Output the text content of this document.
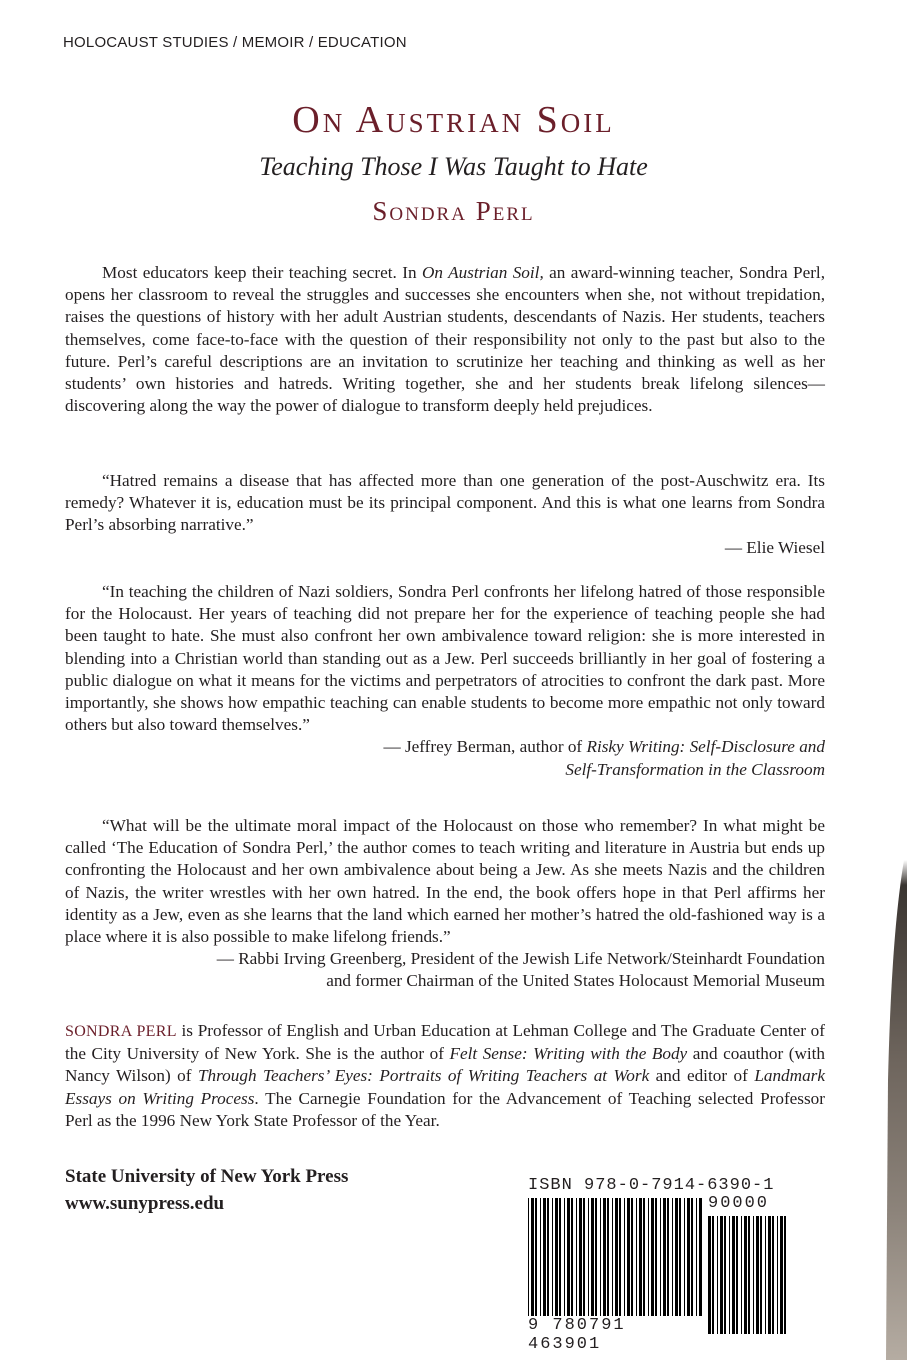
HOLOCAUST STUDIES / MEMOIR / EDUCATION
On Austrian Soil
Teaching Those I Was Taught to Hate
Sondra Perl

Most educators keep their teaching secret. In On Austrian Soil, an award-winning teacher, Sondra Perl, opens her classroom to reveal the struggles and successes she encounters when she, not without trepidation, raises the questions of history with her adult Austrian students, descendants of Nazis. Her students, teachers themselves, come face-to-face with the question of their responsibility not only to the past but also to the future. Perl’s careful descriptions are an invitation to scrutinize her teaching and thinking as well as her students’ own histories and hatreds. Writing together, she and her students break lifelong silences—discovering along the way the power of dialogue to transform deeply held prejudices.

“Hatred remains a disease that has affected more than one generation of the post-Auschwitz era. Its remedy? Whatever it is, education must be its principal component. And this is what one learns from Sondra Perl’s absorbing narrative.”

— Elie Wiesel

“In teaching the children of Nazi soldiers, Sondra Perl confronts her lifelong hatred of those responsible for the Holocaust. Her years of teaching did not prepare her for the experience of teaching people she had been taught to hate. She must also confront her own ambivalence toward religion: she is more interested in blending into a Christian world than standing out as a Jew. Perl succeeds brilliantly in her goal of fostering a public dialogue on what it means for the victims and perpetrators of atrocities to confront the dark past. More importantly, she shows how empathic teaching can enable students to become more empathic not only toward others but also toward themselves.”

— Jeffrey Berman, author of Risky Writing: Self-Disclosure and
Self-Transformation in the Classroom

“What will be the ultimate moral impact of the Holocaust on those who remember? In what might be called ‘The Education of Sondra Perl,’ the author comes to teach writing and literature in Austria but ends up confronting the Holocaust and her own ambivalence about being a Jew. As she meets Nazis and the children of Nazis, the writer wrestles with her own hatred. In the end, the book offers hope in that Perl affirms her identity as a Jew, even as she learns that the land which earned her mother’s hatred the old-fashioned way is a place where it is also possible to make lifelong friends.”

— Rabbi Irving Greenberg, President of the Jewish Life Network/Steinhardt Foundation
and former Chairman of the United States Holocaust Memorial Museum

SONDRA PERL is Professor of English and Urban Education at Lehman College and The Graduate Center of the City University of New York. She is the author of Felt Sense: Writing with the Body and coauthor (with Nancy Wilson) of Through Teachers’ Eyes: Portraits of Writing Teachers at Work and editor of Landmark Essays on Writing Process. The Carnegie Foundation for the Advancement of Teaching selected Professor Perl as the 1996 New York State Professor of the Year.

State University of New York Press
www.sunypress.edu
ISBN 978-0-7914-6390-1
90000
9 780791 463901
